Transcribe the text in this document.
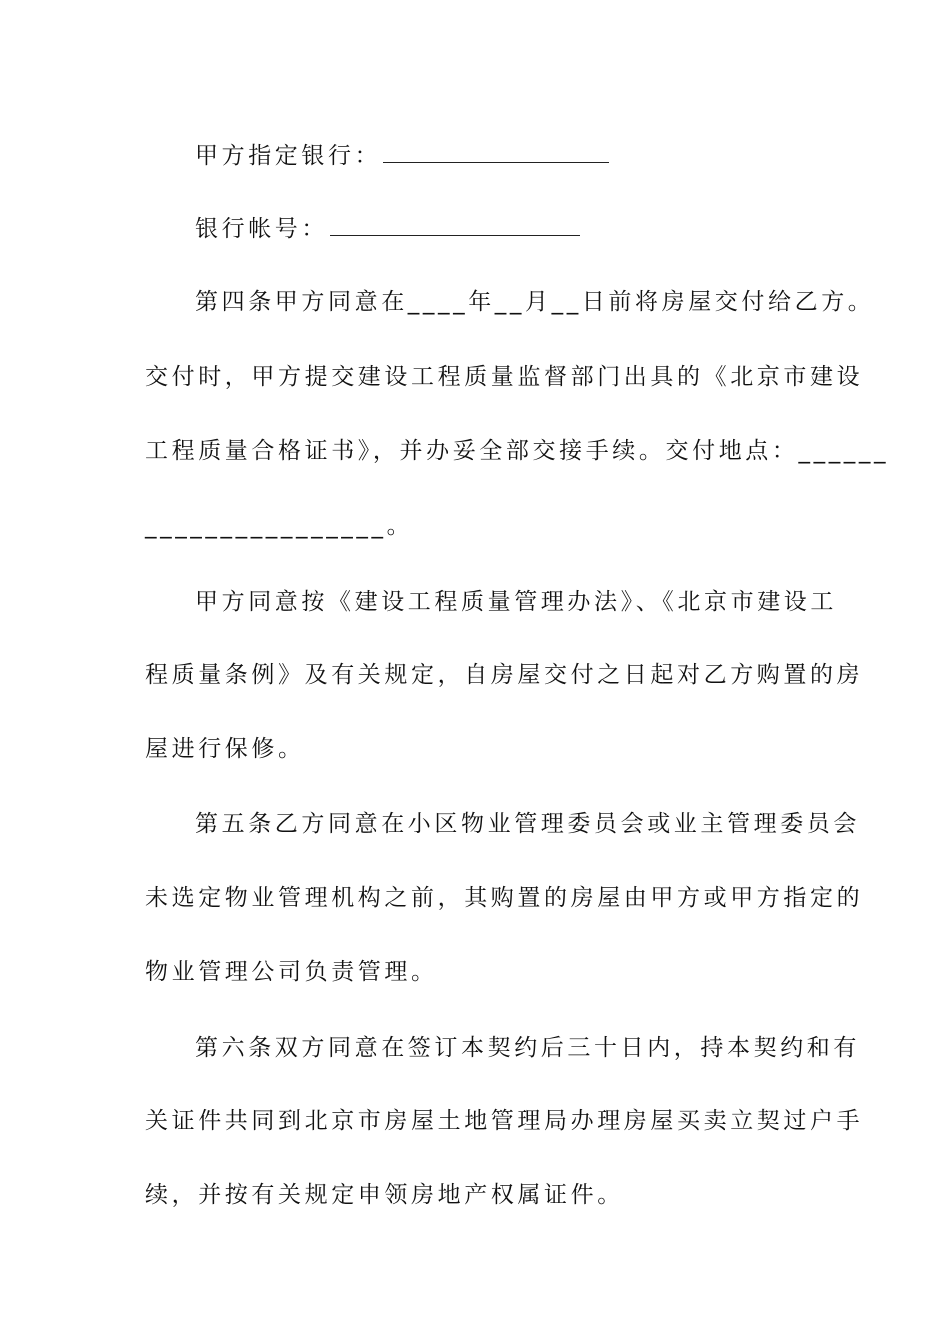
甲方指定银行：
银行帐号：
第四条甲方同意在____年__月__日前将房屋交付给乙方。
交付时，甲方提交建设工程质量监督部门出具的《北京市建设
工程质量合格证书》，并办妥全部交接手续。交付地点：______
________________。
甲方同意按《建设工程质量管理办法》、《北京市建设工
程质量条例》及有关规定，自房屋交付之日起对乙方购置的房
屋进行保修。
第五条乙方同意在小区物业管理委员会或业主管理委员会
未选定物业管理机构之前，其购置的房屋由甲方或甲方指定的
物业管理公司负责管理。
第六条双方同意在签订本契约后三十日内，持本契约和有
关证件共同到北京市房屋土地管理局办理房屋买卖立契过户手
续，并按有关规定申领房地产权属证件。
